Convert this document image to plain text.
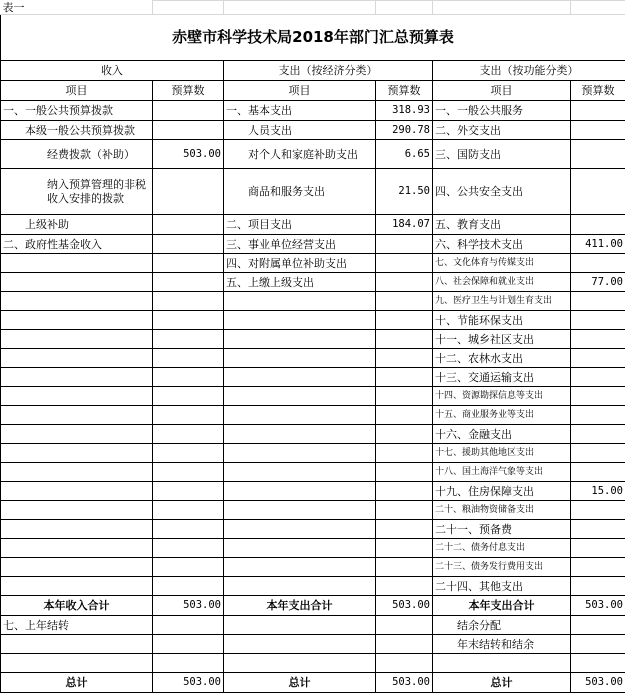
表一					
赤壁市科学技术局2018年部门汇总预算表					
收入		支出（按经济分类）		支出（按功能分类）	
项目	预算数	项目	预算数	项目	预算数
一、一般公共预算拨款		一、基本支出	318.93	一、一般公共服务	
本级一般公共预算拨款		人员支出	290.78	二、外交支出	
经费拨款（补助）	503.00	对个人和家庭补助支出	6.65	三、国防支出	
纳入预算管理的非税收入安排的拨款		商品和服务支出	21.50	四、公共安全支出	
上级补助		二、项目支出	184.07	五、教育支出	
二、政府性基金收入		三、事业单位经营支出		六、科学技术支出	411.00
		四、对附属单位补助支出		七、文化体育与传媒支出	
		五、上缴上级支出		八、社会保障和就业支出	77.00
				九、医疗卫生与计划生育支出	
				十、节能环保支出	
				十一、城乡社区支出	
				十二、农林水支出	
				十三、交通运输支出	
				十四、资源勘探信息等支出	
				十五、商业服务业等支出	
				十六、金融支出	
				十七、援助其他地区支出	
				十八、国土海洋气象等支出	
				十九、住房保障支出	15.00
				二十、粮油物资储备支出	
				二十一、预备费	
				二十二、债务付息支出	
				二十三、债务发行费用支出	
				二十四、其他支出	
本年收入合计	503.00	本年支出合计	503.00	本年支出合计	503.00
七、上年结转				结余分配	
				年末结转和结余	

总计	503.00	总计	503.00	总计	503.00
